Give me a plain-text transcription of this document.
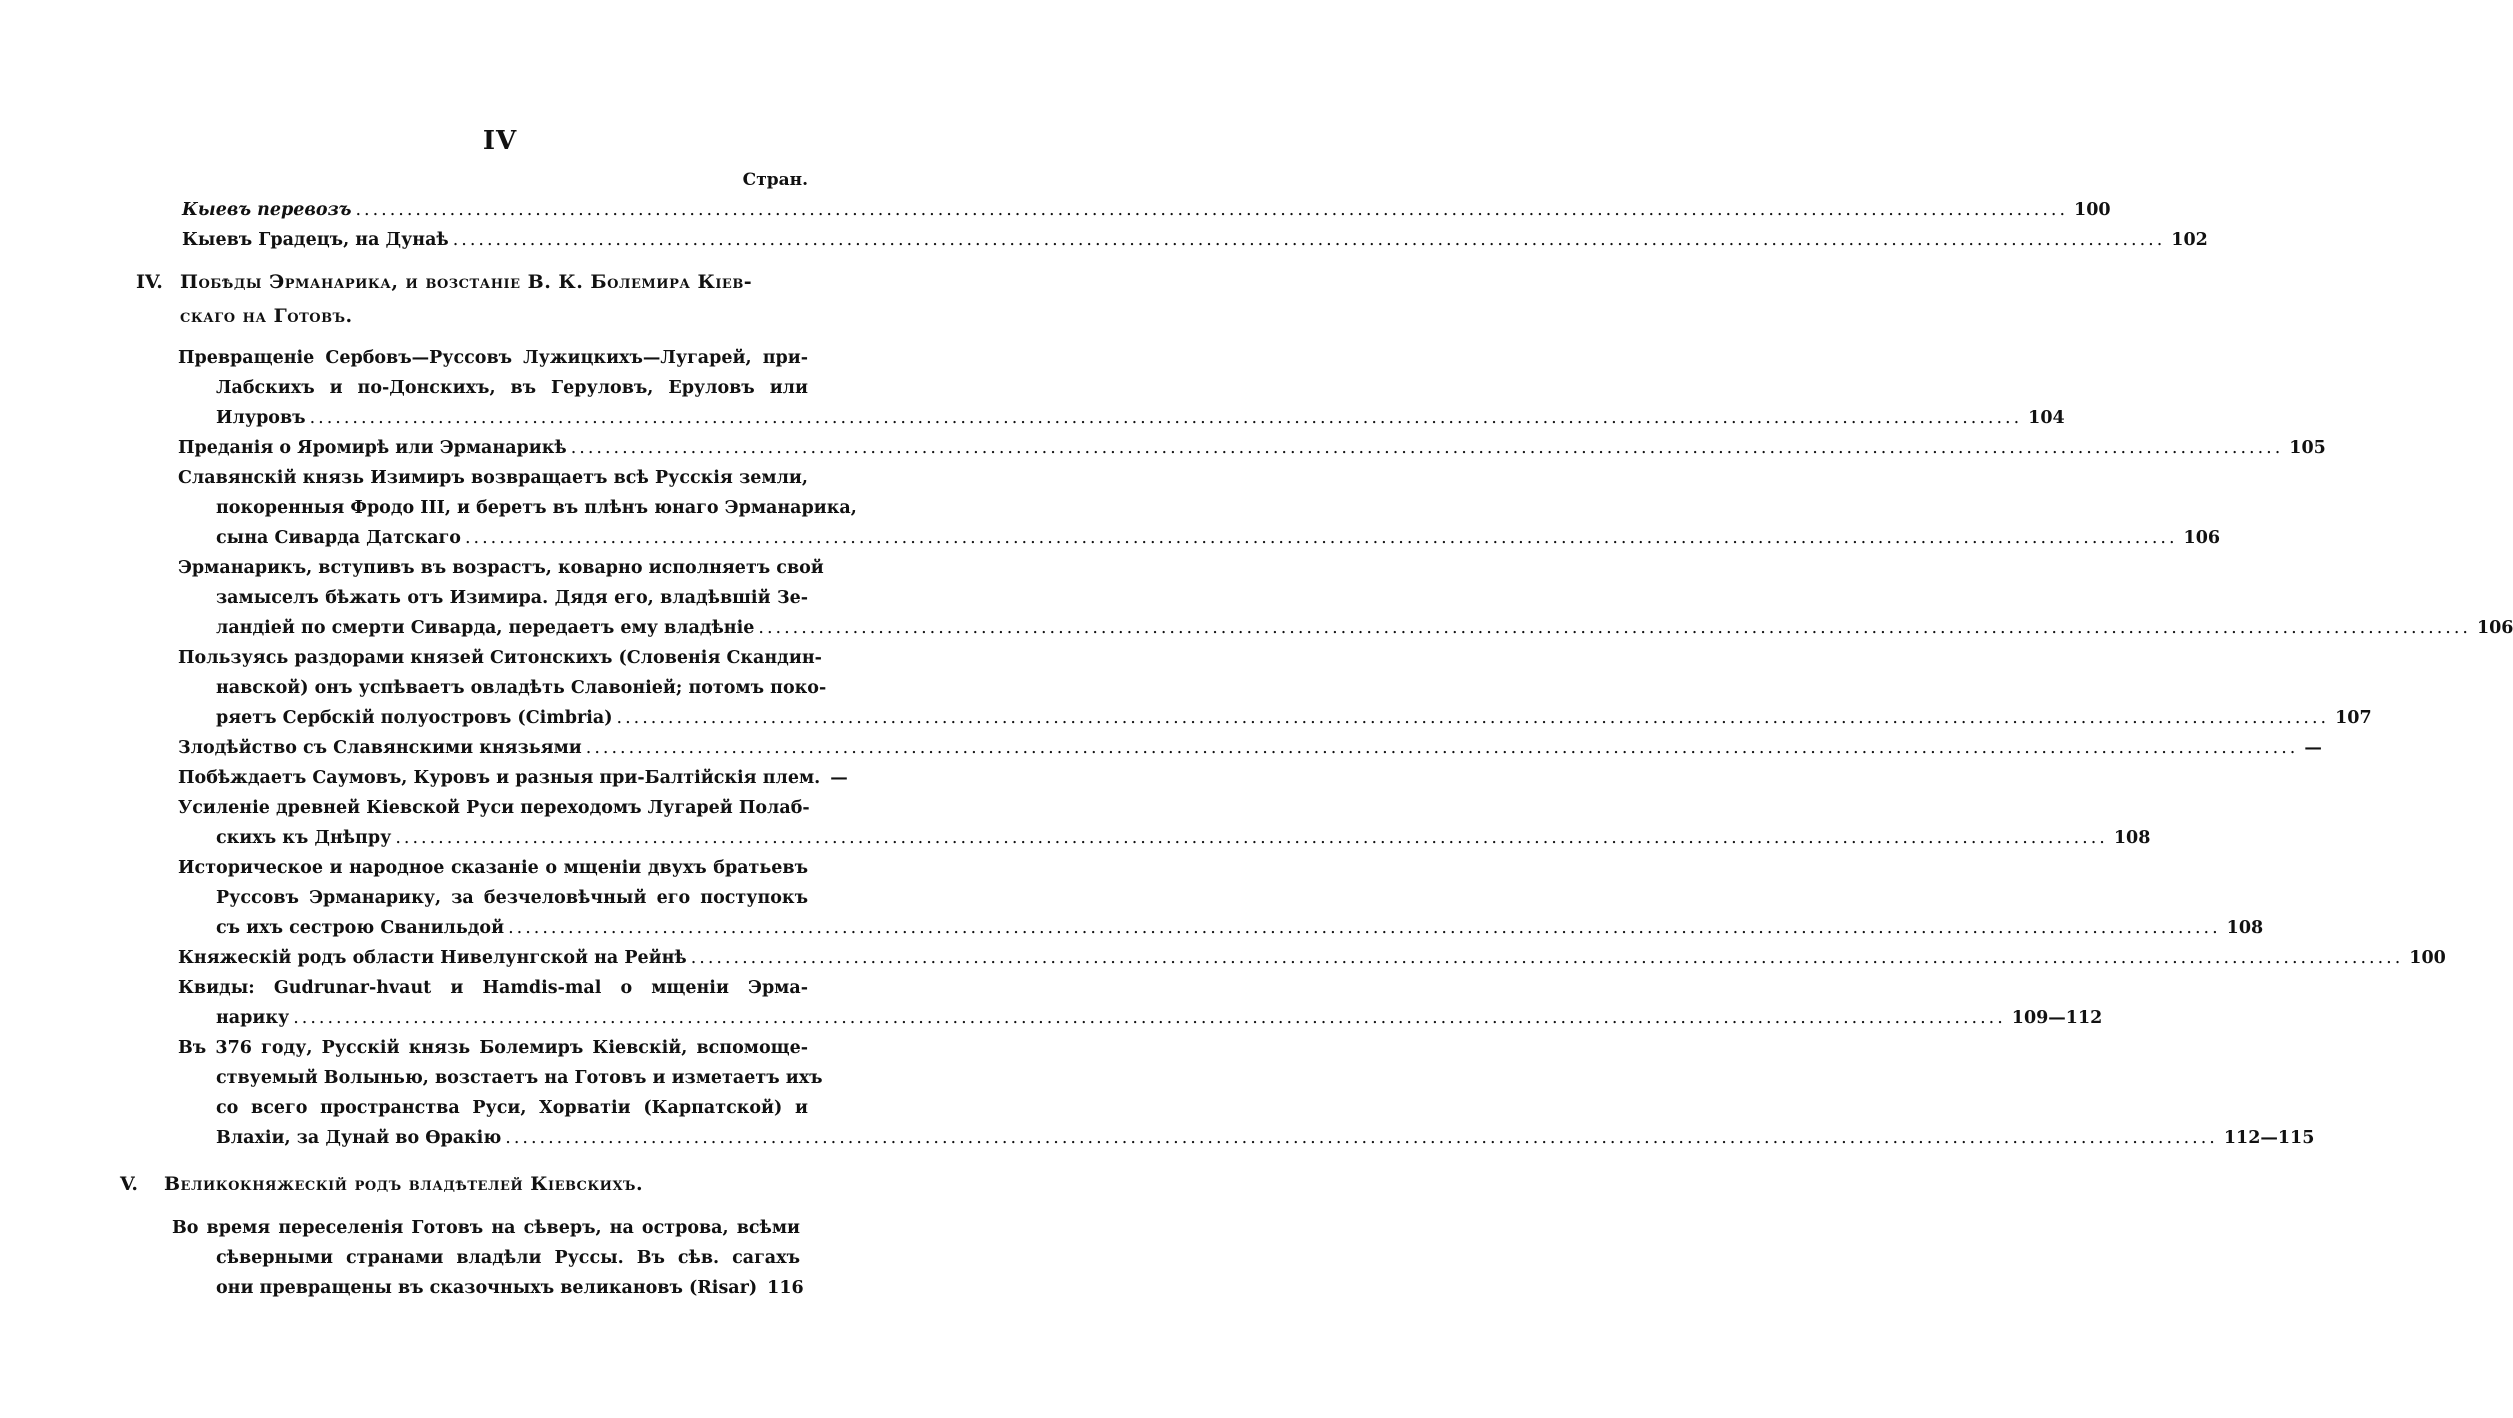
IV
Стран.
Кыевъ перевозъ ........................................................................................................................................................................................................ 100
Кыевъ Градецъ, на Дунаѣ ........................................................................................................................................................................................................ 102
IV. Побѣды Эрманарика, и возстаніе В. К. Болемира Кіев-
скаго на Готовъ.
Превращеніе Сербовъ—Руссовъ Лужицкихъ—Лугарей, при-
Лабскихъ и по-Донскихъ, въ Геруловъ, Еруловъ или
Илуровъ ........................................................................................................................................................................................................ 104
Преданія о Яромирѣ или Эрманарикѣ ........................................................................................................................................................................................................ 105
Славянскій князь Изимиръ возвращаетъ всѣ Русскія земли,
покоренныя Фродо III, и беретъ въ плѣнъ юнаго Эрманарика,
сына Сиварда Датскаго ........................................................................................................................................................................................................ 106
Эрманарикъ, вступивъ въ возрастъ, коварно исполняетъ свой
замыселъ бѣжать отъ Изимира. Дядя его, владѣвшій Зе-
ландіей по смерти Сиварда, передаетъ ему владѣніе ........................................................................................................................................................................................................ 106
Пользуясь раздорами князей Ситонскихъ (Словенія Скандин-
навской) онъ успѣваетъ овладѣть Славоніей; потомъ поко-
ряетъ Сербскій полуостровъ (Cimbria) ........................................................................................................................................................................................................ 107
Злодѣйство съ Славянскими князьями ........................................................................................................................................................................................................ —
Побѣждаетъ Саумовъ, Куровъ и разныя при-Балтійскія плем. —
Усиленіе древней Кіевской Руси переходомъ Лугарей Полаб-
скихъ къ Днѣпру ........................................................................................................................................................................................................ 108
Историческое и народное сказаніе о мщеніи двухъ братьевъ
Руссовъ Эрманарику, за безчеловѣчный его поступокъ
съ ихъ сестрою Сванильдой ........................................................................................................................................................................................................ 108
Княжескій родъ области Нивелунгской на Рейнѣ ........................................................................................................................................................................................................ 100
Квиды: Gudrunar-hvaut и Hamdis-mal о мщеніи Эрма-
нарику ........................................................................................................................................................................................................ 109—112
Въ 376 году, Русскій князь Болемиръ Кіевскій, вспомоще-
ствуемый Волынью, возстаетъ на Готовъ и изметаетъ ихъ
со всего пространства Руси, Хорватіи (Карпатской) и
Влахіи, за Дунай во Ѳракію ........................................................................................................................................................................................................ 112—115
V. Великокняжескій родъ владѣтелей Кіевскихъ.
Во время переселенія Готовъ на сѣверъ, на острова, всѣми
сѣверными странами владѣли Руссы. Въ сѣв. сагахъ
они превращены въ сказочныхъ великановъ (Risar) 116
